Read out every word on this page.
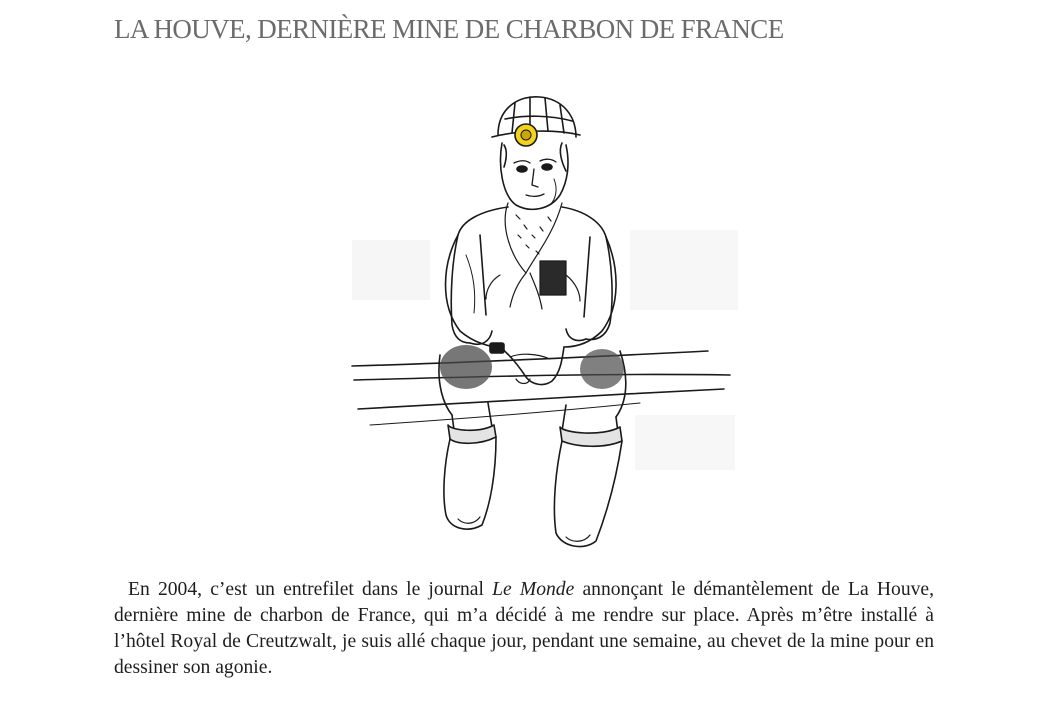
LA HOUVE, DERNIÈRE MINE DE CHARBON DE FRANCE

En 2004, c’est un entrefilet dans le journal Le Monde annonçant le démantèlement de La Houve, dernière mine de charbon de France, qui m’a décidé à me rendre sur place. Après m’être installé à l’hôtel Royal de Creutzwalt, je suis allé chaque jour, pendant une semaine, au chevet de la mine pour en dessiner son agonie.
